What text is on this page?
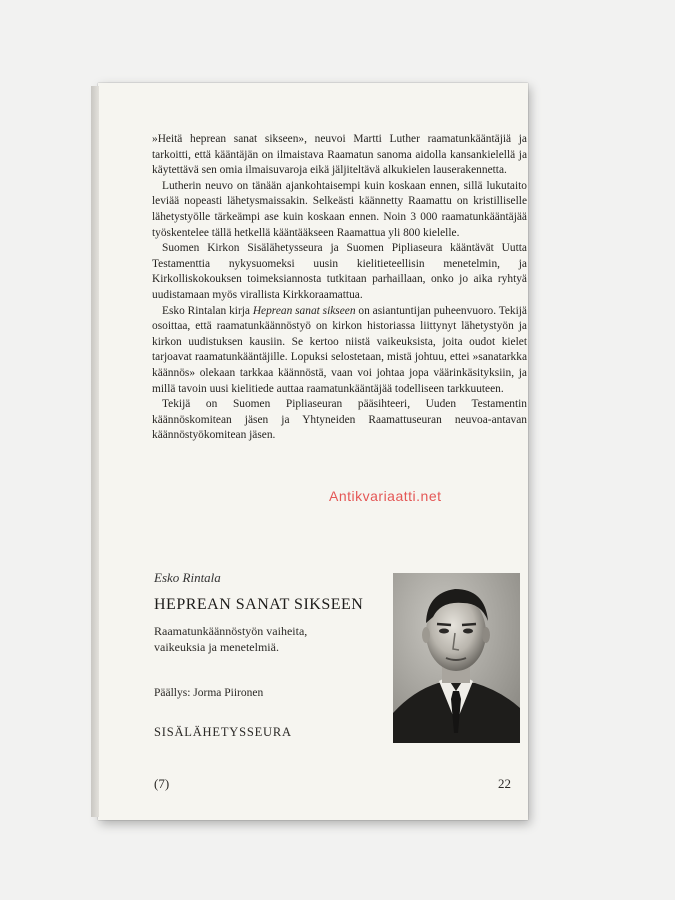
»Heitä heprean sanat sikseen», neuvoi Martti Luther raamatunkääntäjiä ja tarkoitti, että kääntäjän on ilmaistava Raamatun sanoma aidolla kansankielellä ja käytettävä sen omia ilmaisuvaroja eikä jäljiteltävä alkukielen lauserakennetta.

Lutherin neuvo on tänään ajankohtaisempi kuin koskaan ennen, sillä lukutaito leviää nopeasti lähetysmaissakin. Selkeästi käännetty Raamattu on kristilliselle lähetystyölle tärkeämpi ase kuin koskaan ennen. Noin 3 000 raamatunkääntäjää työskentelee tällä hetkellä kääntääkseen Raamattua yli 800 kielelle.

Suomen Kirkon Sisälähetysseura ja Suomen Pipliaseura kääntävät Uutta Testamenttia nykysuomeksi uusin kielitieteellisin menetelmin, ja Kirkolliskokouksen toimeksiannosta tutkitaan parhaillaan, onko jo aika ryhtyä uudistamaan myös virallista Kirkkoraamattua.

Esko Rintalan kirja Heprean sanat sikseen on asiantuntijan puheenvuoro. Tekijä osoittaa, että raamatunkäännöstyö on kirkon historiassa liittynyt lähetystyön ja kirkon uudistuksen kausiin. Se kertoo niistä vaikeuksista, joita oudot kielet tarjoavat raamatunkääntäjille. Lopuksi selostetaan, mistä johtuu, ettei »sanatarkka käännös» olekaan tarkkaa käännöstä, vaan voi johtaa jopa väärinkäsityksiin, ja millä tavoin uusi kielitiede auttaa raamatunkääntäjää todelliseen tarkkuuteen.

Tekijä on Suomen Pipliaseuran pääsihteeri, Uuden Testamentin käännöskomitean jäsen ja Yhtyneiden Raamattuseuran neuvoa-antavan käännöstyökomitean jäsen.

Antikvariaatti.net
Esko Rintala
HEPREAN SANAT SIKSEEN
Raamatunkäännöstyön vaiheita, vaikeuksia ja menetelmiä.
Päällys: Jorma Piironen
SISÄLÄHETYSSEURA
(7)	22
